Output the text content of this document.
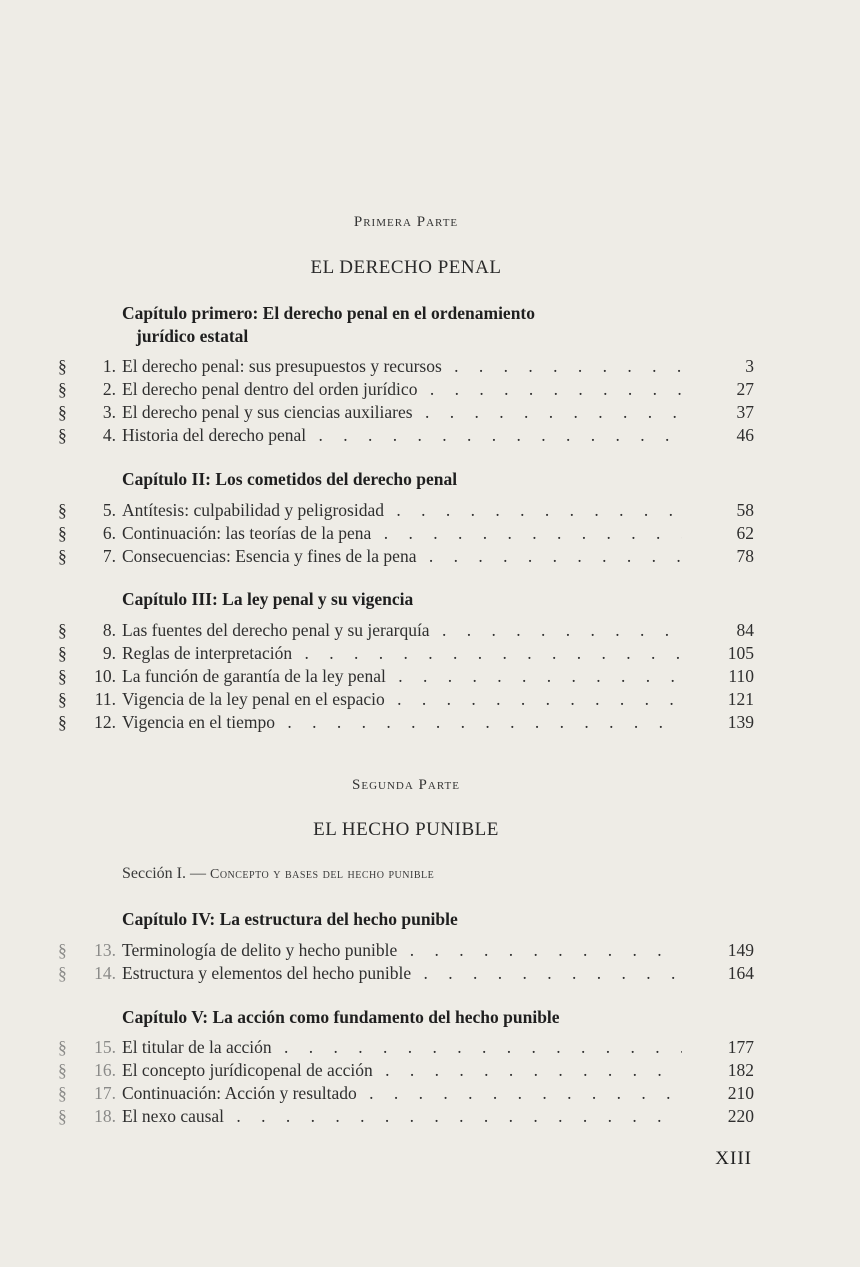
Primera Parte
EL DERECHO PENAL
Capítulo primero: El derecho penal en el ordenamiento
jurídico estatal
§	1. El derecho penal: sus presupuestos y recursos . . .	3
§	2. El derecho penal dentro del orden jurídico . . .	27
§	3. El derecho penal y sus ciencias auxiliares . . .	37
§	4. Historia del derecho penal . . .	46
Capítulo II: Los cometidos del derecho penal
§	5. Antítesis: culpabilidad y peligrosidad . . .	58
§	6. Continuación: las teorías de la pena . . .	62
§	7. Consecuencias: Esencia y fines de la pena . . .	78
Capítulo III: La ley penal y su vigencia
§	8. Las fuentes del derecho penal y su jerarquía . . .	84
§	9. Reglas de interpretación . . .	105
§	10. La función de garantía de la ley penal . . .	110
§	11. Vigencia de la ley penal en el espacio . . .	121
§	12. Vigencia en el tiempo . . .	139
Segunda Parte
EL HECHO PUNIBLE
Sección I. — Concepto y bases del hecho punible
Capítulo IV: La estructura del hecho punible
§	13. Terminología de delito y hecho punible . . .	149
§	14. Estructura y elementos del hecho punible . . .	164
Capítulo V: La acción como fundamento del hecho punible
§	15. El titular de la acción . . .	177
§	16. El concepto jurídicopenal de acción . . .	182
§	17. Continuación: Acción y resultado . . .	210
§	18. El nexo causal . . .	220
XIII
